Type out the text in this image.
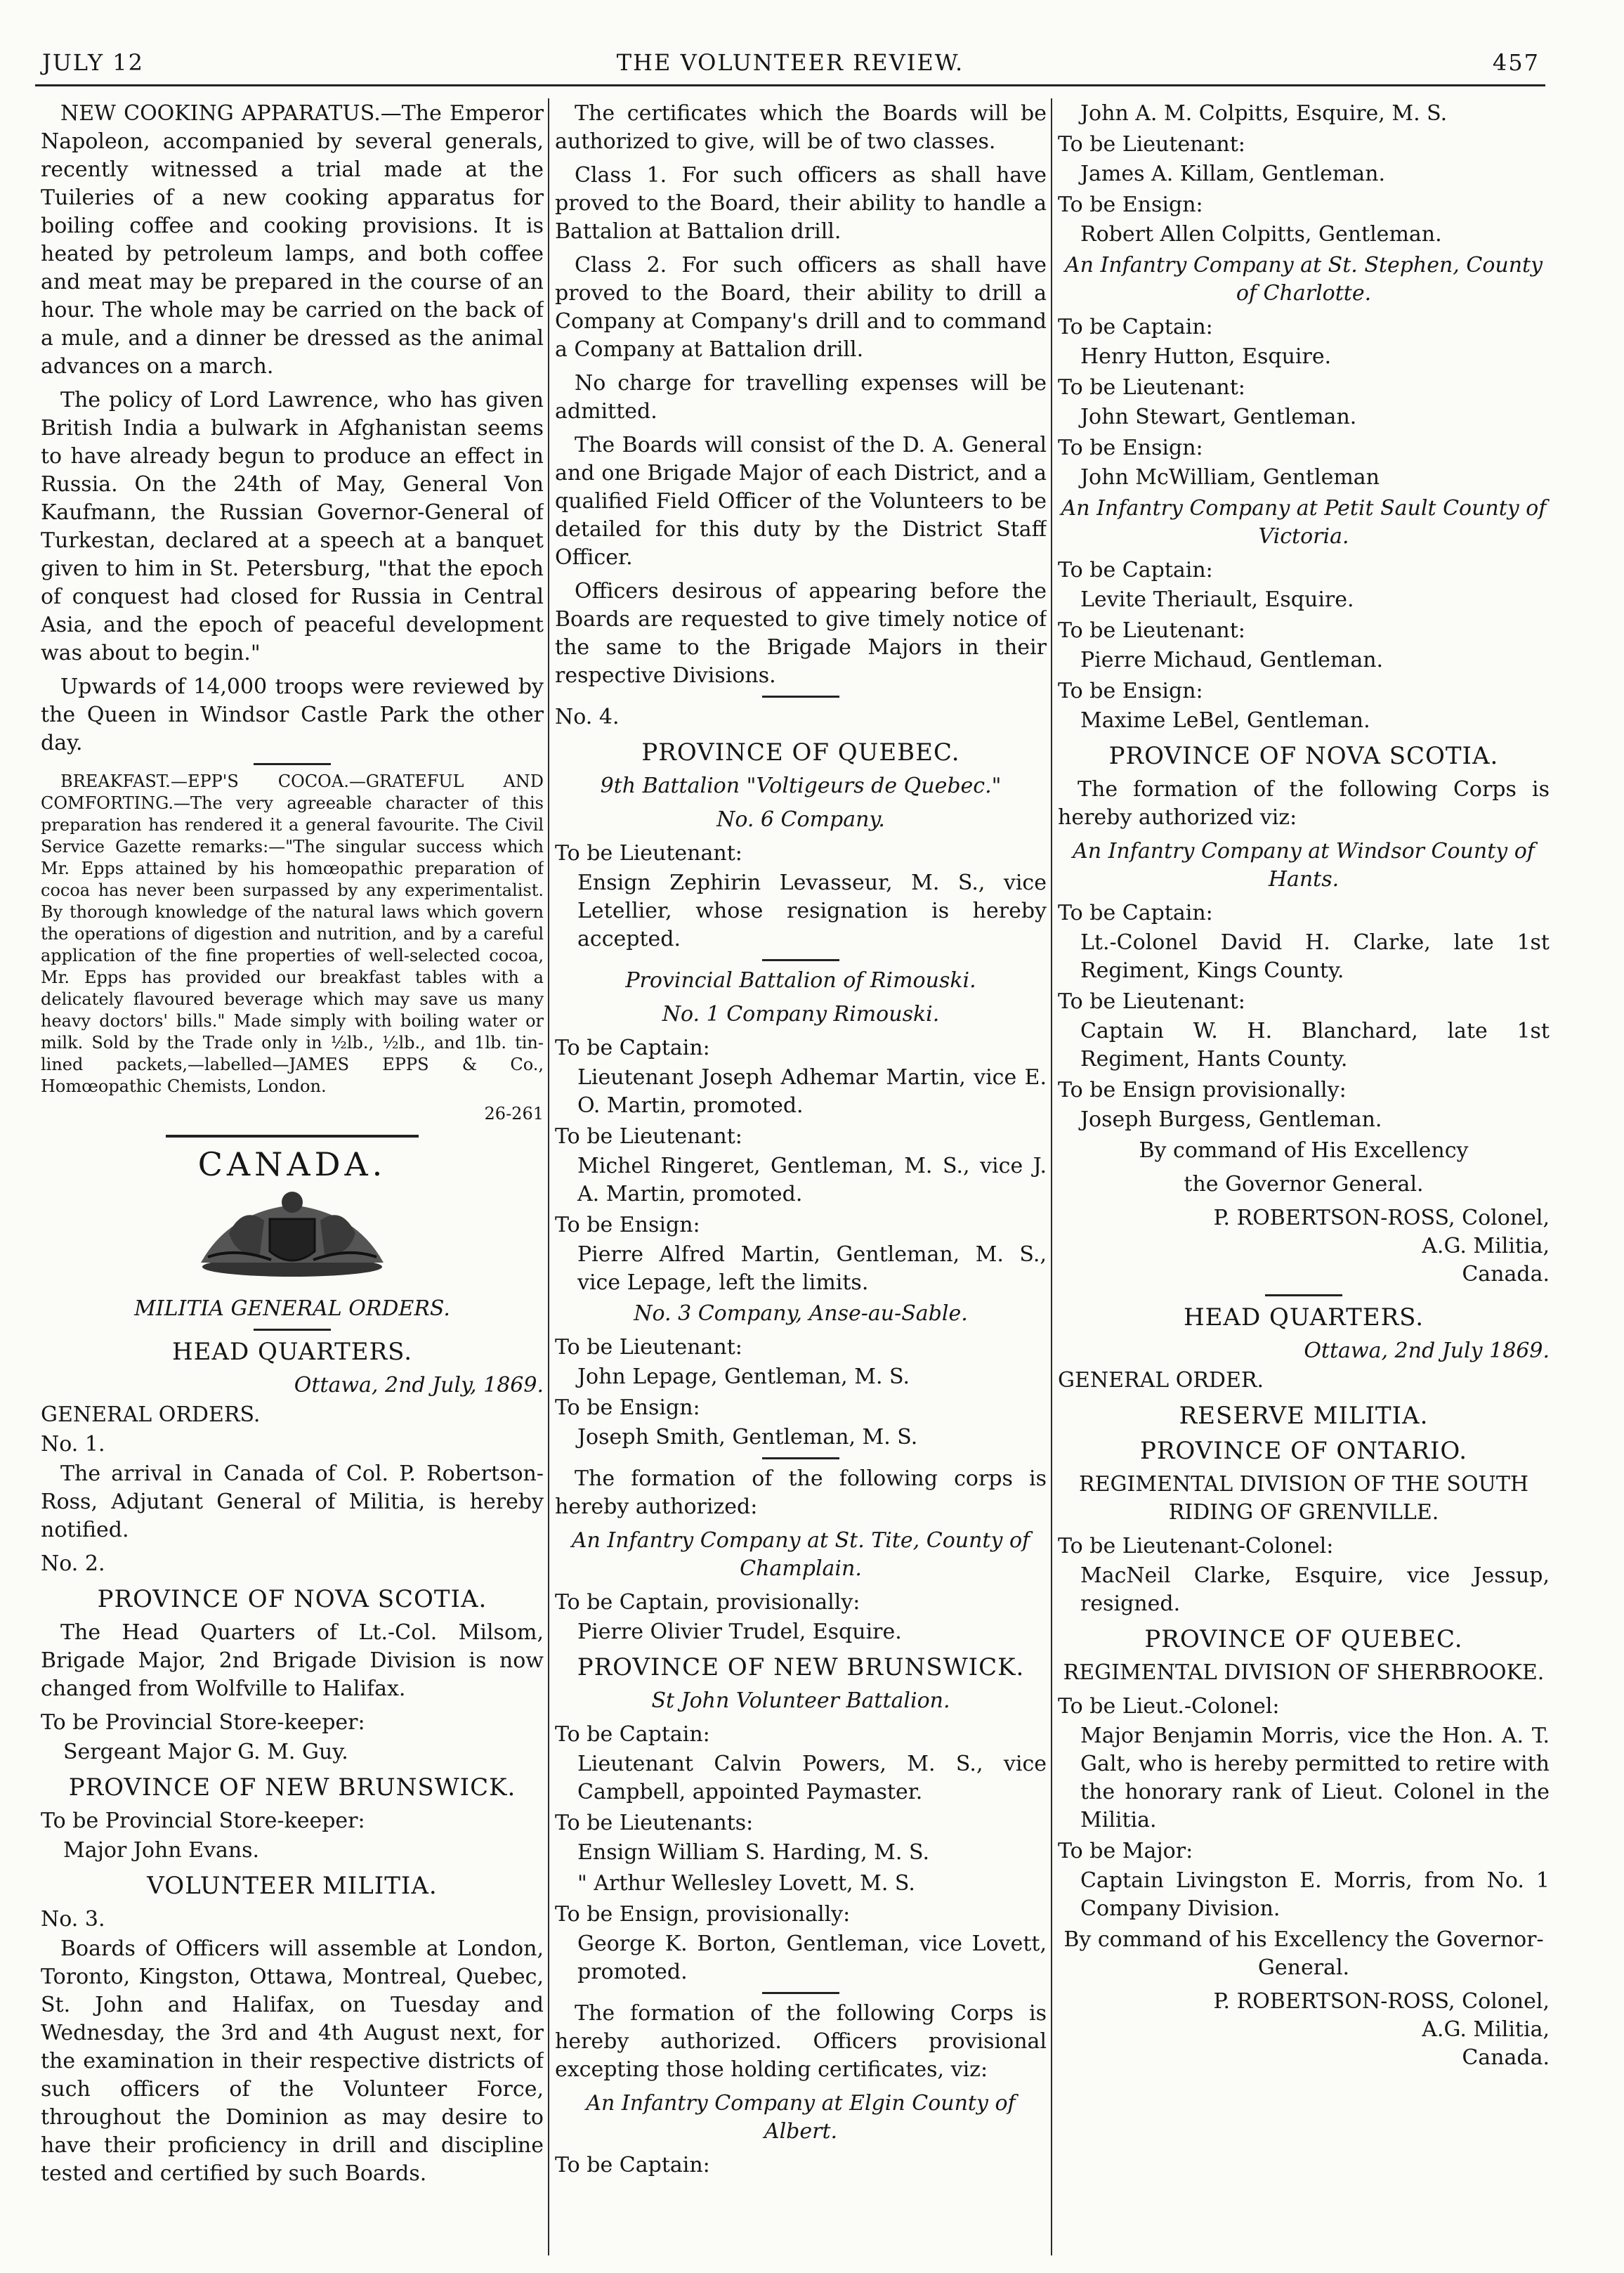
JULY 12	THE VOLUNTEER REVIEW.	457

NEW COOKING APPARATUS.—The Emperor Napoleon, accompanied by several generals, recently witnessed a trial made at the Tuileries of a new cooking apparatus for boiling coffee and cooking provisions. It is heated by petroleum lamps, and both coffee and meat may be prepared in the course of an hour. The whole may be carried on the back of a mule, and a dinner be dressed as the animal advances on a march.

The policy of Lord Lawrence, who has given British India a bulwark in Afghanistan seems to have already begun to produce an effect in Russia. On the 24th of May, General Von Kaufmann, the Russian Governor-General of Turkestan, declared at a speech at a banquet given to him in St. Petersburg, "that the epoch of conquest had closed for Russia in Central Asia, and the epoch of peaceful development was about to begin."

Upwards of 14,000 troops were reviewed by the Queen in Windsor Castle Park the other day.

BREAKFAST.—EPP'S COCOA.—GRATEFUL AND COMFORTING.—The very agreeable character of this preparation has rendered it a general favourite. The Civil Service Gazette remarks:—"The singular success which Mr. Epps attained by his homœopathic preparation of cocoa has never been surpassed by any experimentalist. By thorough knowledge of the natural laws which govern the operations of digestion and nutrition, and by a careful application of the fine properties of well-selected cocoa, Mr. Epps has provided our breakfast tables with a delicately flavoured beverage which may save us many heavy doctors' bills." Made simply with boiling water or milk. Sold by the Trade only in ½lb., ½lb., and 1lb. tin-lined packets,—labelled—JAMES EPPS & Co., Homœopathic Chemists, London.

26-261

CANADA.
MILITIA GENERAL ORDERS.
HEAD QUARTERS.

Ottawa, 2nd July, 1869.

GENERAL ORDERS.

No. 1.

The arrival in Canada of Col. P. Robertson-Ross, Adjutant General of Militia, is hereby notified.

No. 2.

PROVINCE OF NOVA SCOTIA.

The Head Quarters of Lt.-Col. Milsom, Brigade Major, 2nd Brigade Division is now changed from Wolfville to Halifax.

To be Provincial Store-keeper:

Sergeant Major G. M. Guy.

PROVINCE OF NEW BRUNSWICK.

To be Provincial Store-keeper:

Major John Evans.

VOLUNTEER MILITIA.

No. 3.

Boards of Officers will assemble at London, Toronto, Kingston, Ottawa, Montreal, Quebec, St. John and Halifax, on Tuesday and Wednesday, the 3rd and 4th August next, for the examination in their respective districts of such officers of the Volunteer Force, throughout the Dominion as may desire to have their proficiency in drill and discipline tested and certified by such Boards.

The certificates which the Boards will be authorized to give, will be of two classes.

Class 1. For such officers as shall have proved to the Board, their ability to handle a Battalion at Battalion drill.

Class 2. For such officers as shall have proved to the Board, their ability to drill a Company at Company's drill and to command a Company at Battalion drill.

No charge for travelling expenses will be admitted.

The Boards will consist of the D. A. General and one Brigade Major of each District, and a qualified Field Officer of the Volunteers to be detailed for this duty by the District Staff Officer.

Officers desirous of appearing before the Boards are requested to give timely notice of the same to the Brigade Majors in their respective Divisions.

No. 4.

PROVINCE OF QUEBEC.
9th Battalion "Voltigeurs de Quebec."
No. 6 Company.

To be Lieutenant:

Ensign Zephirin Levasseur, M. S., vice Letellier, whose resignation is hereby accepted.

Provincial Battalion of Rimouski.
No. 1 Company Rimouski.

To be Captain:

Lieutenant Joseph Adhemar Martin, vice E. O. Martin, promoted.

To be Lieutenant:

Michel Ringeret, Gentleman, M. S., vice J. A. Martin, promoted.

To be Ensign:

Pierre Alfred Martin, Gentleman, M. S., vice Lepage, left the limits.

No. 3 Company, Anse-au-Sable.

To be Lieutenant:

John Lepage, Gentleman, M. S.

To be Ensign:

Joseph Smith, Gentleman, M. S.

The formation of the following corps is hereby authorized:

An Infantry Company at St. Tite, County of Champlain.

To be Captain, provisionally:

Pierre Olivier Trudel, Esquire.

PROVINCE OF NEW BRUNSWICK.
St John Volunteer Battalion.

To be Captain:

Lieutenant Calvin Powers, M. S., vice Campbell, appointed Paymaster.

To be Lieutenants:

Ensign William S. Harding, M. S.

" Arthur Wellesley Lovett, M. S.

To be Ensign, provisionally:

George K. Borton, Gentleman, vice Lovett, promoted.

The formation of the following Corps is hereby authorized. Officers provisional excepting those holding certificates, viz:

An Infantry Company at Elgin County of Albert.

To be Captain:

John A. M. Colpitts, Esquire, M. S.

To be Lieutenant:

James A. Killam, Gentleman.

To be Ensign:

Robert Allen Colpitts, Gentleman.

An Infantry Company at St. Stephen, County of Charlotte.

To be Captain:

Henry Hutton, Esquire.

To be Lieutenant:

John Stewart, Gentleman.

To be Ensign:

John McWilliam, Gentleman

An Infantry Company at Petit Sault County of Victoria.

To be Captain:

Levite Theriault, Esquire.

To be Lieutenant:

Pierre Michaud, Gentleman.

To be Ensign:

Maxime LeBel, Gentleman.

PROVINCE OF NOVA SCOTIA.

The formation of the following Corps is hereby authorized viz:

An Infantry Company at Windsor County of Hants.

To be Captain:

Lt.-Colonel David H. Clarke, late 1st Regiment, Kings County.

To be Lieutenant:

Captain W. H. Blanchard, late 1st Regiment, Hants County.

To be Ensign provisionally:

Joseph Burgess, Gentleman.

By command of His Excellency
the Governor General.

P. ROBERTSON-ROSS, Colonel,

A.G. Militia,

Canada.

HEAD QUARTERS.

Ottawa, 2nd July 1869.

GENERAL ORDER.

RESERVE MILITIA.
PROVINCE OF ONTARIO.
REGIMENTAL DIVISION OF THE SOUTH RIDING OF GRENVILLE.

To be Lieutenant-Colonel:

MacNeil Clarke, Esquire, vice Jessup, resigned.

PROVINCE OF QUEBEC.
REGIMENTAL DIVISION OF SHERBROOKE.

To be Lieut.-Colonel:

Major Benjamin Morris, vice the Hon. A. T. Galt, who is hereby permitted to retire with the honorary rank of Lieut. Colonel in the Militia.

To be Major:

Captain Livingston E. Morris, from No. 1 Company Division.

By command of his Excellency the Governor-General.

P. ROBERTSON-ROSS, Colonel,

A.G. Militia,

Canada.
